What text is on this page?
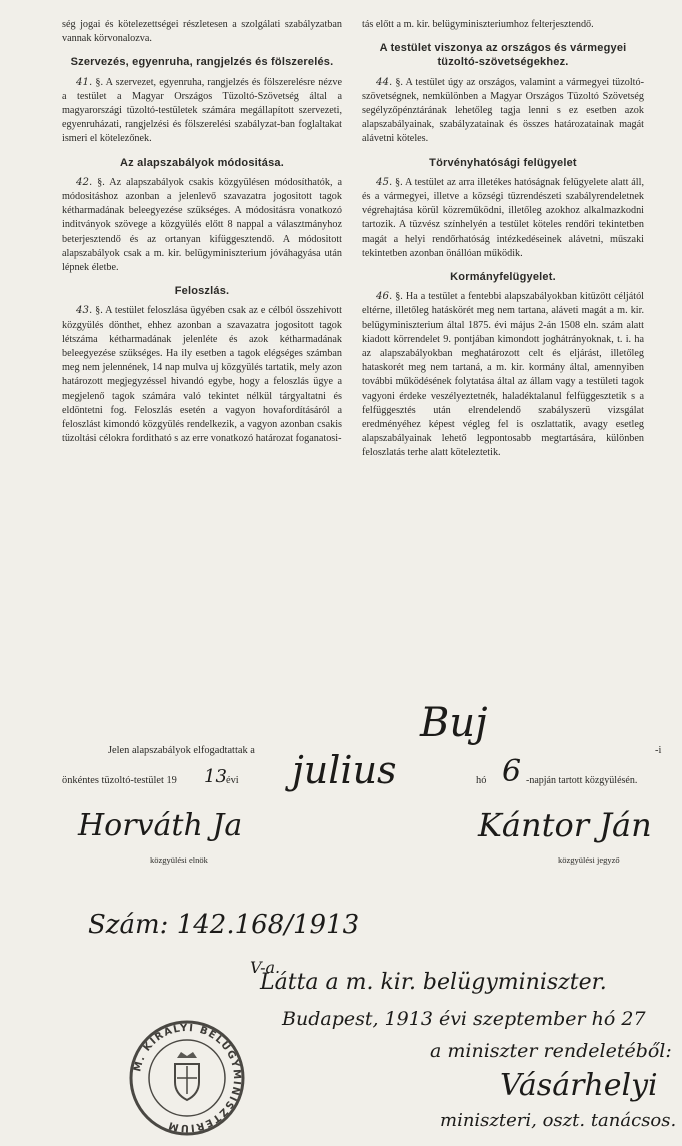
ség jogai és kötelezettségei részletesen a szolgálati szabályzatban vannak körvonalozva.

Szervezés, egyenruha, rangjelzés és fölszerelés.

41. §. A szervezet, egyenruha, rangjelzés és fölszerelésre nézve a testület a Magyar Országos Tüzoltó-Szövetség által a magyarországi tüzoltó-testületek számára megállapított szervezeti, egyenruházati, rangjelzési és fölszerelési szabályzat-ban foglaltakat ismeri el kötelezőnek.

Az alapszabályok módositása.

42. §. Az alapszabályok csakis közgyülésen módosíthatók, a módositáshoz azonban a jelenlevő szavazatra jogositott tagok kétharmadának beleegyezése szükséges. A módositásra vonatkozó inditványok szövege a közgyülés előtt 8 nappal a választmányhoz beterjesztendő és az ortanyan kifüggesztendő. A módositott alapszabályok csak a m. kir. belügyminiszterium jóváhagyása után lépnek életbe.

Feloszlás.

43. §. A testület feloszlása ügyében csak az e célból összehivott közgyülés dönthet, ehhez azonban a szavazatra jogositott tagok létszáma kétharmadának jelenléte és azok kétharmadának beleegyezése szükséges. Ha ily esetben a tagok elégséges számban meg nem jelennének, 14 nap mulva uj közgyülés tartatik, mely azon határozott megjegyzéssel hivandó egybe, hogy a feloszlás ügye a megjelenő tagok számára való tekintet nélkül tárgyaltatni és eldöntetni fog. Feloszlás esetén a vagyon hovafordításáról a feloszlást kimondó közgyülés rendelkezik, a vagyon azonban csakis tüzoltási célokra forditható s az erre vonatkozó határozat foganatosi-

tás előtt a m. kir. belügyminiszteriumhoz felterjesztendő.

A testület viszonya az országos és vármegyei tüzoltó-szövetségekhez.

44. §. A testület úgy az országos, valamint a vármegyei tüzoltó-szövetségnek, nemkülönben a Magyar Országos Tüzoltó Szövetség segélyzőpénztárának lehetőleg tagja lenni s ez esetben azok alapszabályainak, szabályzatainak és összes határozatainak magát alávetni köteles.

Törvényhatósági felügyelet

45. §. A testület az arra illetékes hatóságnak felügyelete alatt áll, és a vármegyei, illetve a községi tüzrendészeti szabályrendeletnek végrehajtása körül közreműködni, illetőleg azokhoz alkalmazkodni tartozik. A tüzvész színhelyén a testület köteles rendőri tekintetben magát a helyi rendőrhatóság intézkedéseinek alávetni, műszaki tekintetben azonban önállóan működik.

Kormányfelügyelet.

46. §. Ha a testület a fentebbi alapszabályokban kitüzött céljától eltérne, illetőleg hatáskörét meg nem tartana, aláveti magát a m. kir. belügyminiszterium által 1875. évi május 2-án 1508 eln. szám alatt kiadott körrendelet 9. pontjában kimondott joghátrányoknak, t. i. ha az alapszabályokban meghatározott celt és eljárást, illetőleg hataskorét meg nem tartaná, a m. kir. kormány által, amennyiben további működésének folytatása által az állam vagy a testületi tagok vagyoni érdeke veszélyeztetnék, haladéktalanul felfüggesztetik s a felfüggesztés után elrendelendő szabályszerü vizsgálat eredményéhez képest végleg fel is oszlattatik, avagy esetleg alapszabályainak lehető legpontosabb megtartására, különben feloszlatás terhe alatt köteleztetik.

Buj
Jelen alapszabályok elfogadtattak a	-i
önkéntes tüzoltó-testület 19 13 évi julius	hó 6 -napján tartott közgyülésén.
Horváth Ja
közgyülési elnök
Kántor Ján
közgyülési jegyző
Szám: 142.168/1913
V-a.
Látta a m. kir. belügyminiszter.
Budapest, 1913 évi szeptember hó 27
a miniszter rendeletéből:
Vásárhelyi
miniszteri, oszt. tanácsos.
M. KIRÁLYI BELÜGYMINISZTERIUM
